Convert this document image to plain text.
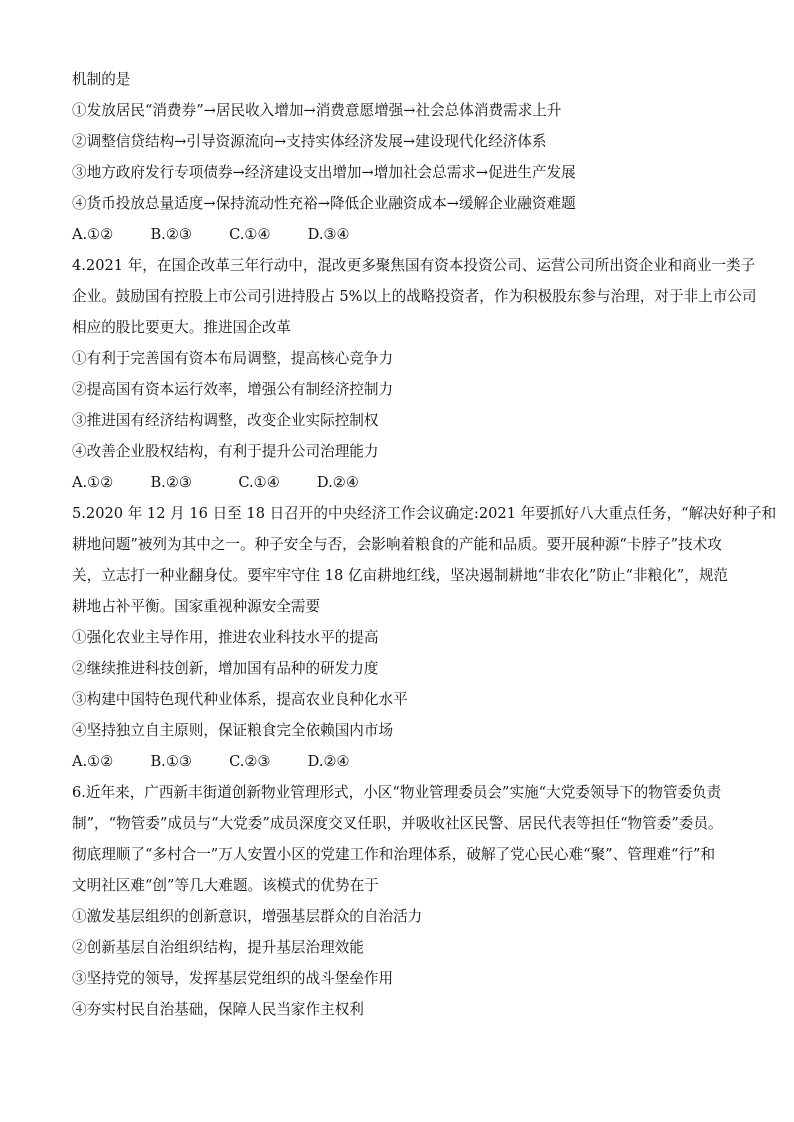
机制的是
①发放居民“消费券”→居民收入增加→消费意愿增强→社会总体消费需求上升
②调整信贷结构→引导资源流向→支持实体经济发展→建设现代化经济体系
③地方政府发行专项债券→经济建设支出增加→增加社会总需求→促进生产发展
④货币投放总量适度→保持流动性充裕→降低企业融资成本→缓解企业融资难题
A.①②        B.②③        C.①④        D.③④
4.2021 年，在国企改革三年行动中，混改更多聚焦国有资本投资公司、运营公司所出资企业和商业一类子
企业。鼓励国有控股上市公司引进持股占 5%以上的战略投资者，作为积极股东参与治理，对于非上市公司
相应的股比要更大。推进国企改革
①有利于完善国有资本布局调整，提高核心竞争力
②提高国有资本运行效率，增强公有制经济控制力
③推进国有经济结构调整，改变企业实际控制权
④改善企业股权结构，有利于提升公司治理能力
A.①②        B.②③          C.①④        D.②④
5.2020 年 12 月 16 日至 18 日召开的中央经济工作会议确定:2021 年要抓好八大重点任务，“解决好种子和
耕地问题”被列为其中之一。种子安全与否，会影响着粮食的产能和品质。要开展种源“卡脖子”技术攻
关，立志打一种业翻身仗。要牢牢守住 18 亿亩耕地红线，坚决遏制耕地“非农化”防止“非粮化”，规范
耕地占补平衡。国家重视种源安全需要
①强化农业主导作用，推进农业科技水平的提高
②继续推进科技创新，增加国有品种的研发力度
③构建中国特色现代种业体系，提高农业良种化水平
④坚持独立自主原则，保证粮食完全依赖国内市场
A.①②        B.①③        C.②③        D.②④
6.近年来，广西新丰街道创新物业管理形式，小区“物业管理委员会”实施“大党委领导下的物管委负责
制”，“物管委”成员与“大党委”成员深度交叉任职，并吸收社区民警、居民代表等担任“物管委”委员。
彻底理顺了“多村合一”万人安置小区的党建工作和治理体系，破解了党心民心难“聚”、管理难“行”和
文明社区难“创”等几大难题。该模式的优势在于
①激发基层组织的创新意识，增强基层群众的自治活力
②创新基层自治组织结构，提升基层治理效能
③坚持党的领导，发挥基层党组织的战斗堡垒作用
④夯实村民自治基础，保障人民当家作主权利
